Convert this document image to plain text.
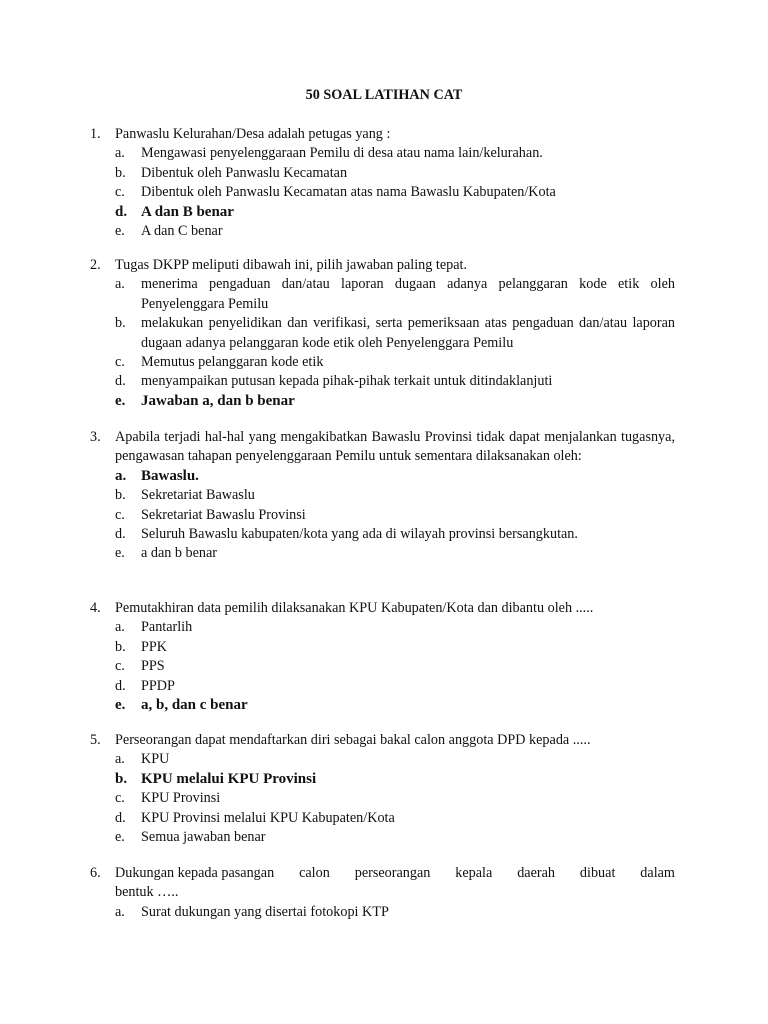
50 SOAL LATIHAN CAT
1. Panwaslu Kelurahan/Desa adalah petugas yang :
a. Mengawasi penyelenggaraan Pemilu di desa atau nama lain/kelurahan.
b. Dibentuk oleh Panwaslu Kecamatan
c. Dibentuk oleh Panwaslu Kecamatan atas nama Bawaslu Kabupaten/Kota
d. A dan B benar
e. A dan C benar
2. Tugas DKPP meliputi dibawah ini, pilih jawaban paling tepat.
a. menerima pengaduan dan/atau laporan dugaan adanya pelanggaran kode etik oleh Penyelenggara Pemilu
b. melakukan penyelidikan dan verifikasi, serta pemeriksaan atas pengaduan dan/atau laporan dugaan adanya pelanggaran kode etik oleh Penyelenggara Pemilu
c. Memutus pelanggaran kode etik
d. menyampaikan putusan kepada pihak-pihak terkait untuk ditindaklanjuti
e. Jawaban a, dan b benar
3. Apabila terjadi hal-hal yang mengakibatkan Bawaslu Provinsi tidak dapat menjalankan tugasnya, pengawasan tahapan penyelenggaraan Pemilu untuk sementara dilaksanakan oleh:
a. Bawaslu.
b. Sekretariat Bawaslu
c. Sekretariat Bawaslu Provinsi
d. Seluruh Bawaslu kabupaten/kota yang ada di wilayah provinsi bersangkutan.
e. a dan b benar
4. Pemutakhiran data pemilih dilaksanakan KPU Kabupaten/Kota dan dibantu oleh .....
a. Pantarlih
b. PPK
c. PPS
d. PPDP
e. a, b, dan c benar
5. Perseorangan dapat mendaftarkan diri sebagai bakal calon anggota DPD kepada .....
a. KPU
b. KPU melalui KPU Provinsi
c. KPU Provinsi
d. KPU Provinsi melalui KPU Kabupaten/Kota
e. Semua jawaban benar
6. Dukungan kepada pasangan calon perseorangan kepala daerah dibuat dalam
bentuk …..
a. Surat dukungan yang disertai fotokopi KTP
